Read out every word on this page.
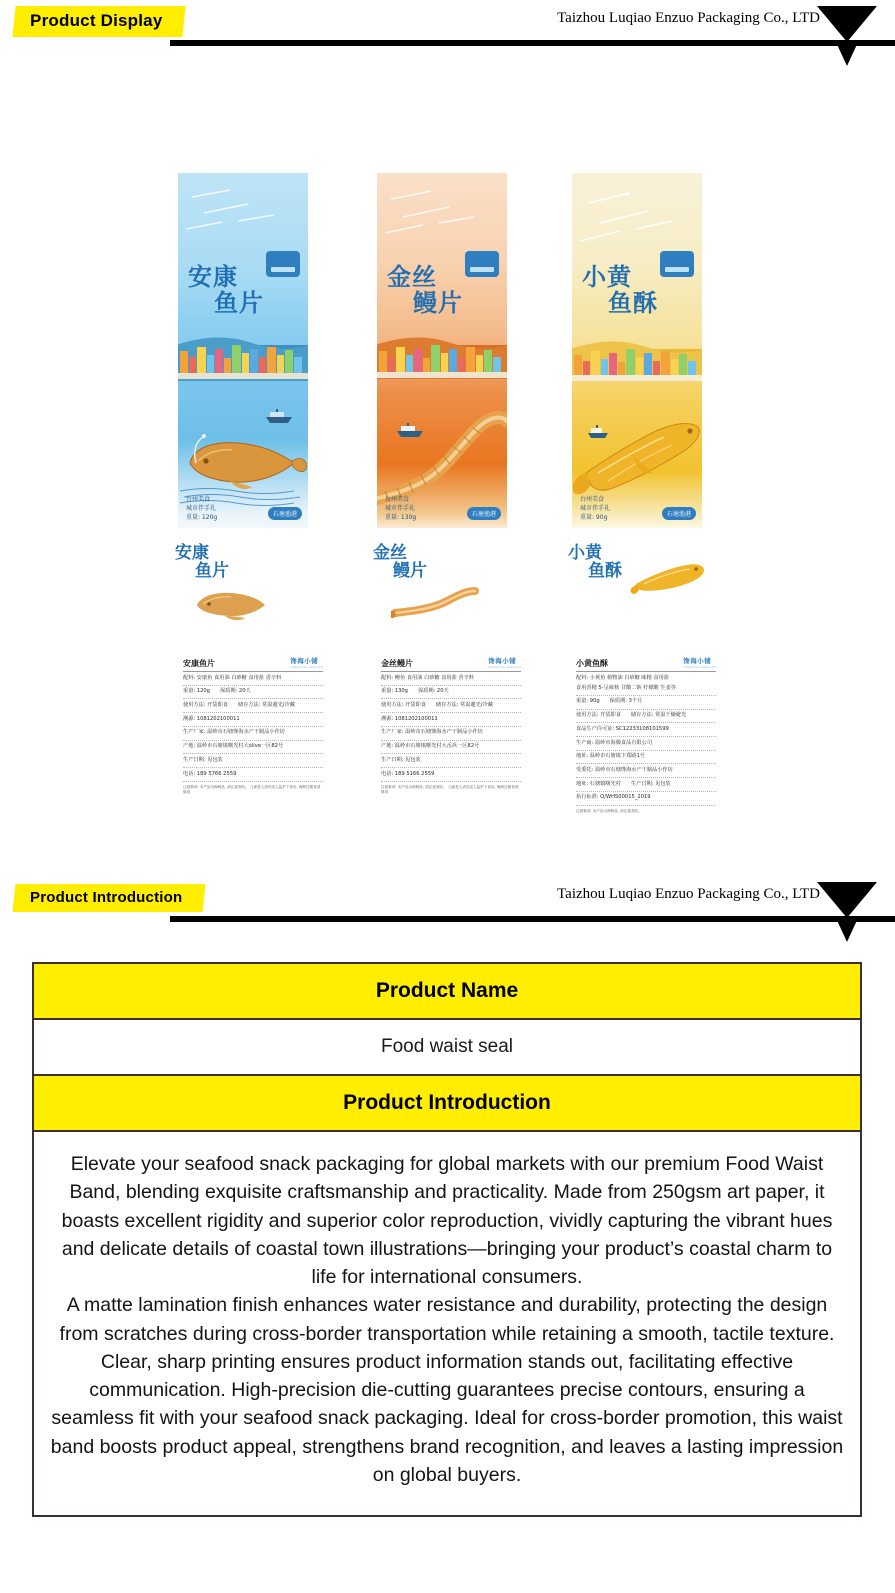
Product Display	Taizhou Luqiao Enzuo Packaging Co., LTD
安康
鱼片
台州美食
城市伴手礼
重量: 120g	石塘渔港
金丝
鳗片
台州美食
城市伴手礼
重量: 130g	石塘渔港
小黄
鱼酥
台州美食
城市伴手礼
重量: 90g	石塘渔港
安康
鱼片
金丝
鳗片
小黄
鱼酥
安康鱼片	馋海小铺
CHAN HAI XIAO PU
配料: 安康鱼 食用油 白砂糖 食用盐 香辛料
重量: 120g 保质期: 20天
使用方法: 开袋即食 储存方法: 常温避光/冷藏
溯源: 1081202100011
生产厂家: 温岭市石塘馋海水产干制品小作坊
产地: 温岭市石塘镇曙光村大olive一区82号
生产日期: 见包装
电话: 189 5766 2559
注意事项: 本产品为海鲜品, 请注意查收。 儿童老人请在成人监护下食用, 海鲜过敏者请慎用
金丝鳗片	馋海小铺
CHAN HAI XIAO PU
配料: 鳗鱼 食用油 白砂糖 食用盐 香辛料
重量: 130g 保质期: 20天
使用方法: 开袋即食 储存方法: 常温避光/冷藏
溯源: 1081202100011
生产厂家: 温岭市石塘馋海水产干制品小作坊
产地: 温岭市石塘镇曙光村大岙浜一区82号
生产日期: 见包装
电话: 189 5166 2559
注意事项: 本产品为海鲜品, 请注意查收。 儿童老人请在成人监护下食用, 海鲜过敏者请慎用
小黄鱼酥	馋海小铺
CHAN HAI XIAO PU
配料: 小黄鱼 植物油 白砂糖 味精 食用盐
食用香精 5-呈味核 甘酸二钠 柠檬酸 生姜等
重量: 90g 保质期: 3个月
使用方法: 开袋即食 储存方法: 常温干燥避光
食品生产许可证: SC12233108101599
生产商: 温岭市海腾食品有限公司
地址: 温岭市石塘镇下郑路1号
受委托: 温岭市石塘馋海水产干制品小作坊
地址: 石塘镇曙光村 生产日期: 见包装
执行标准: Q/WHS00015_2019
注意事项: 本产品为海鲜品, 请注意查收。
Product Introduction	Taizhou Luqiao Enzuo Packaging Co., LTD
Product Name
Food waist seal
Product Introduction

Elevate your seafood snack packaging for global markets with our premium Food Waist Band, blending exquisite craftsmanship and practicality. Made from 250gsm art paper, it boasts excellent rigidity and superior color reproduction, vividly capturing the vibrant hues and delicate details of coastal town illustrations—bringing your product’s coastal charm to life for international consumers.

A matte lamination finish enhances water resistance and durability, protecting the design from scratches during cross-border transportation while retaining a smooth, tactile texture. Clear, sharp printing ensures product information stands out, facilitating effective communication. High-precision die-cutting guarantees precise contours, ensuring a seamless fit with your seafood snack packaging. Ideal for cross-border promotion, this waist band boosts product appeal, strengthens brand recognition, and leaves a lasting impression on global buyers.
